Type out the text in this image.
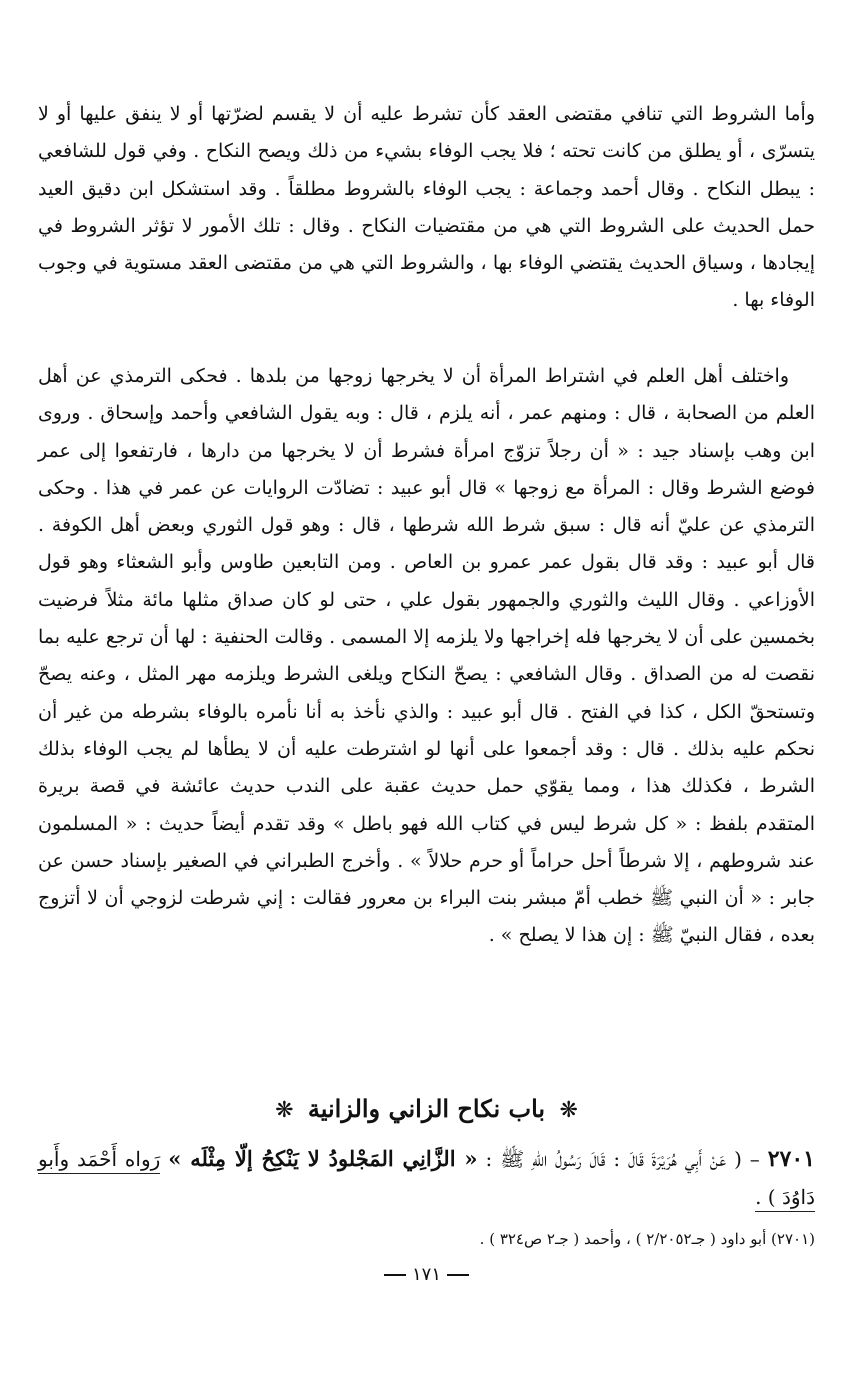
وأما الشروط التي تنافي مقتضى العقد كأن تشرط عليه أن لا يقسم لضرّتها أو لا ينفق عليها أو لا يتسرّى ، أو يطلق من كانت تحته ؛ فلا يجب الوفاء بشيء من ذلك ويصح النكاح . وفي قول للشافعي : يبطل النكاح . وقال أحمد وجماعة : يجب الوفاء بالشروط مطلقاً . وقد استشكل ابن دقيق العيد حمل الحديث على الشروط التي هي من مقتضيات النكاح . وقال : تلك الأمور لا تؤثر الشروط في إيجادها ، وسياق الحديث يقتضي الوفاء بها ، والشروط التي هي من مقتضى العقد مستوية في وجوب الوفاء بها .

واختلف أهل العلم في اشتراط المرأة أن لا يخرجها زوجها من بلدها . فحكى الترمذي عن أهل العلم من الصحابة ، قال : ومنهم عمر ، أنه يلزم ، قال : وبه يقول الشافعي وأحمد وإسحاق . وروى ابن وهب بإسناد جيد : « أن رجلاً تزوّج امرأة فشرط أن لا يخرجها من دارها ، فارتفعوا إلى عمر فوضع الشرط وقال : المرأة مع زوجها » قال أبو عبيد : تضادّت الروايات عن عمر في هذا . وحكى الترمذي عن عليّ أنه قال : سبق شرط الله شرطها ، قال : وهو قول الثوري وبعض أهل الكوفة . قال أبو عبيد : وقد قال بقول عمر عمرو بن العاص . ومن التابعين طاوس وأبو الشعثاء وهو قول الأوزاعي . وقال الليث والثوري والجمهور بقول علي ، حتى لو كان صداق مثلها مائة مثلاً فرضيت بخمسين على أن لا يخرجها فله إخراجها ولا يلزمه إلا المسمى . وقالت الحنفية : لها أن ترجع عليه بما نقصت له من الصداق . وقال الشافعي : يصحّ النكاح ويلغى الشرط ويلزمه مهر المثل ، وعنه يصحّ وتستحقّ الكل ، كذا في الفتح . قال أبو عبيد : والذي نأخذ به أنا نأمره بالوفاء بشرطه من غير أن نحكم عليه بذلك . قال : وقد أجمعوا على أنها لو اشترطت عليه أن لا يطأها لم يجب الوفاء بذلك الشرط ، فكذلك هذا ، ومما يقوّي حمل حديث عقبة على الندب حديث عائشة في قصة بريرة المتقدم بلفظ : « كل شرط ليس في كتاب الله فهو باطل » وقد تقدم أيضاً حديث : « المسلمون عند شروطهم ، إلا شرطاً أحل حراماً أو حرم حلالاً » . وأخرج الطبراني في الصغير بإسناد حسن عن جابر : « أن النبي ﷺ خطب أمّ مبشر بنت البراء بن معرور فقالت : إني شرطت لزوجي أن لا أتزوج بعده ، فقال النبيّ ﷺ : إن هذا لا يصلح » .

❋ باب نكاح الزاني والزانية ❋

٢٧٠١ – ( عَنْ أَبِي هُرَيْرَةَ قَالَ : قَالَ رَسُولُ اللهِ ﷺ : « الزَّانِي المَجْلودُ لا يَنْكِحُ إلّا مِثْلَه » رَواه أَحْمَد وأَبو دَاوُدَ ) .

(٢٧٠١) أبو داود ( جـ٢/٢٠٥٢ ) ، وأحمد ( جـ٢ ص٣٢٤ ) .

١٧١
